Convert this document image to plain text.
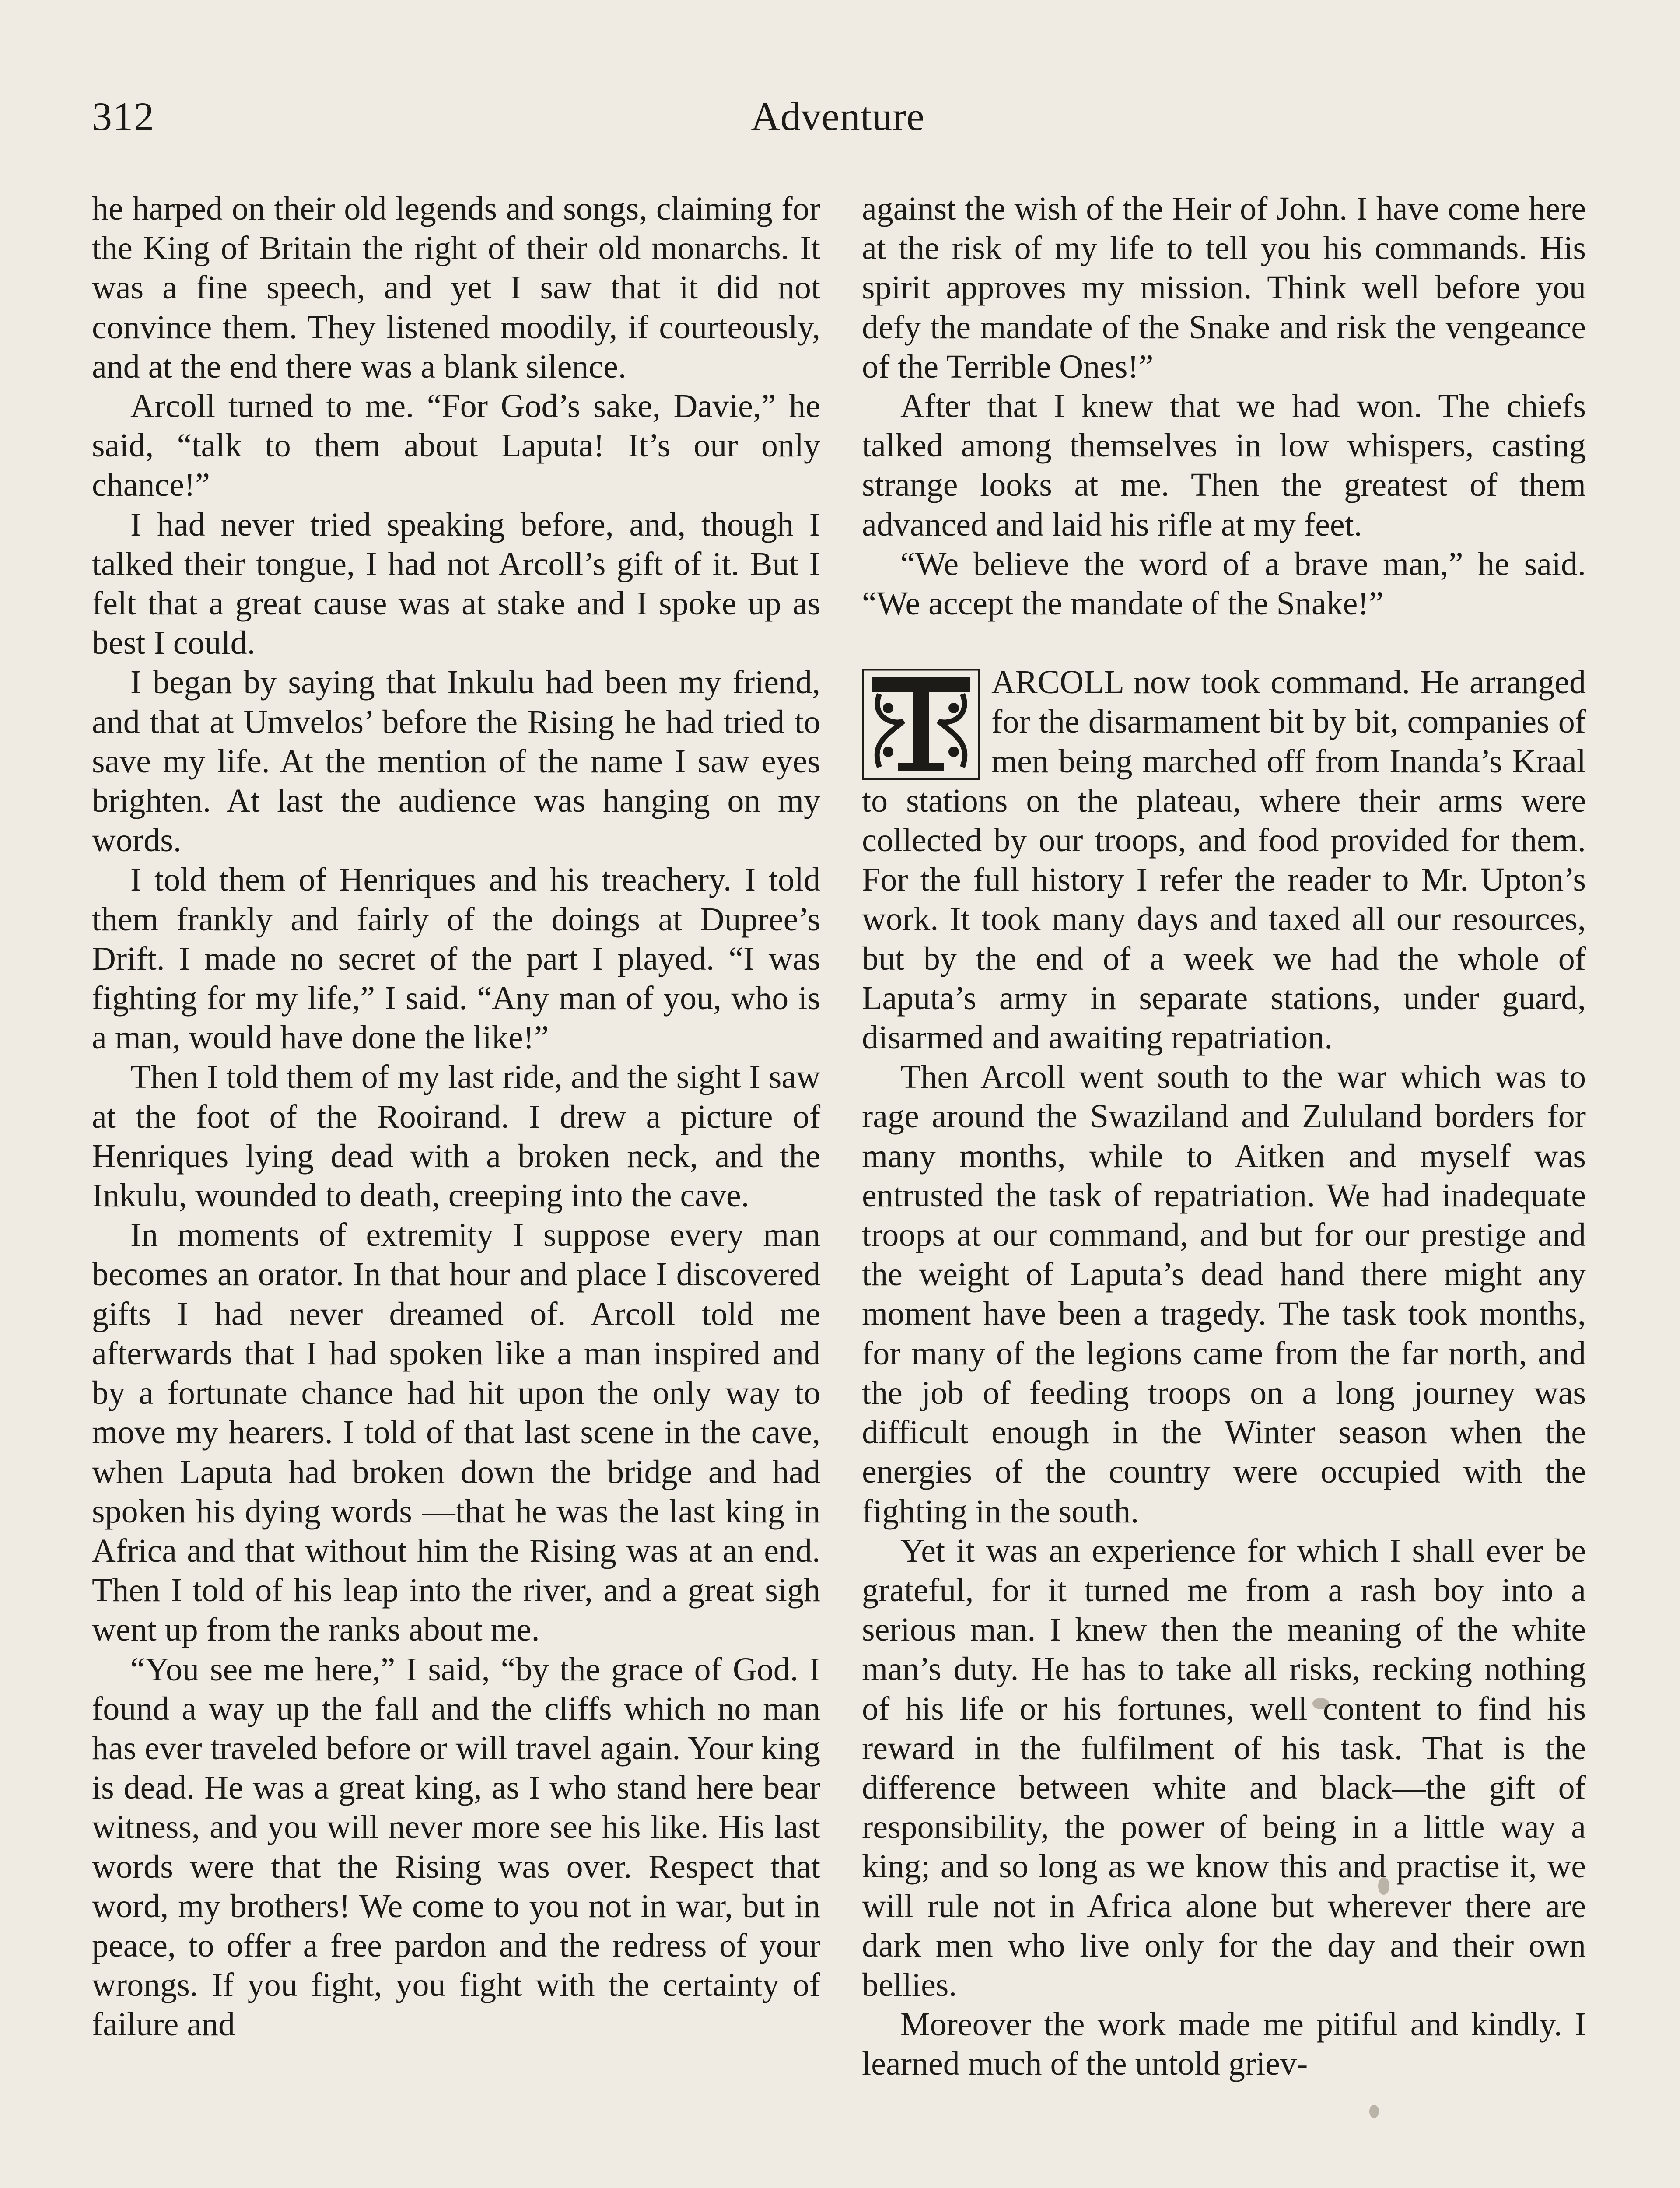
312	Adventure

he harped on their old legends and songs, claiming for the King of Britain the right of their old monarchs. It was a fine speech, and yet I saw that it did not convince them. They listened moodily, if courteously, and at the end there was a blank silence.

Arcoll turned to me. “For God’s sake, Davie,” he said, “talk to them about Laputa! It’s our only chance!”

I had never tried speaking before, and, though I talked their tongue, I had not Arcoll’s gift of it. But I felt that a great cause was at stake and I spoke up as best I could.

I began by saying that Inkulu had been my friend, and that at Umvelos’ before the Rising he had tried to save my life. At the mention of the name I saw eyes brighten. At last the audience was hanging on my words.

I told them of Henriques and his treachery. I told them frankly and fairly of the doings at Dupree’s Drift. I made no secret of the part I played. “I was fighting for my life,” I said. “Any man of you, who is a man, would have done the like!”

Then I told them of my last ride, and the sight I saw at the foot of the Rooirand. I drew a picture of Henriques lying dead with a broken neck, and the Inkulu, wounded to death, creeping into the cave.

In moments of extremity I suppose every man becomes an orator. In that hour and place I discovered gifts I had never dreamed of. Arcoll told me afterwards that I had spoken like a man inspired and by a fortunate chance had hit upon the only way to move my hearers. I told of that last scene in the cave, when Laputa had broken down the bridge and had spoken his dying words —that he was the last king in Africa and that without him the Rising was at an end. Then I told of his leap into the river, and a great sigh went up from the ranks about me.

“You see me here,” I said, “by the grace of God. I found a way up the fall and the cliffs which no man has ever traveled before or will travel again. Your king is dead. He was a great king, as I who stand here bear witness, and you will never more see his like. His last words were that the Rising was over. Respect that word, my brothers! We come to you not in war, but in peace, to offer a free pardon and the redress of your wrongs. If you fight, you fight with the certainty of failure and

against the wish of the Heir of John. I have come here at the risk of my life to tell you his commands. His spirit approves my mission. Think well before you defy the mandate of the Snake and risk the vengeance of the Terrible Ones!”

After that I knew that we had won. The chiefs talked among themselves in low whispers, casting strange looks at me. Then the greatest of them advanced and laid his rifle at my feet.

“We believe the word of a brave man,” he said. “We accept the mandate of the Snake!”

ARCOLL now took command. He arranged for the disarmament bit by bit, companies of men being marched off from Inanda’s Kraal to stations on the plateau, where their arms were collected by our troops, and food provided for them. For the full history I refer the reader to Mr. Upton’s work. It took many days and taxed all our resources, but by the end of a week we had the whole of Laputa’s army in separate stations, under guard, disarmed and awaiting repatriation.

Then Arcoll went south to the war which was to rage around the Swaziland and Zululand borders for many months, while to Aitken and myself was entrusted the task of repatriation. We had inadequate troops at our command, and but for our prestige and the weight of Laputa’s dead hand there might any moment have been a tragedy. The task took months, for many of the legions came from the far north, and the job of feeding troops on a long journey was difficult enough in the Winter season when the energies of the country were occupied with the fighting in the south.

Yet it was an experience for which I shall ever be grateful, for it turned me from a rash boy into a serious man. I knew then the meaning of the white man’s duty. He has to take all risks, recking nothing of his life or his fortunes, well content to find his reward in the fulfilment of his task. That is the difference between white and black—the gift of responsibility, the power of being in a little way a king; and so long as we know this and practise it, we will rule not in Africa alone but wherever there are dark men who live only for the day and their own bellies.

Moreover the work made me pitiful and kindly. I learned much of the untold griev-
